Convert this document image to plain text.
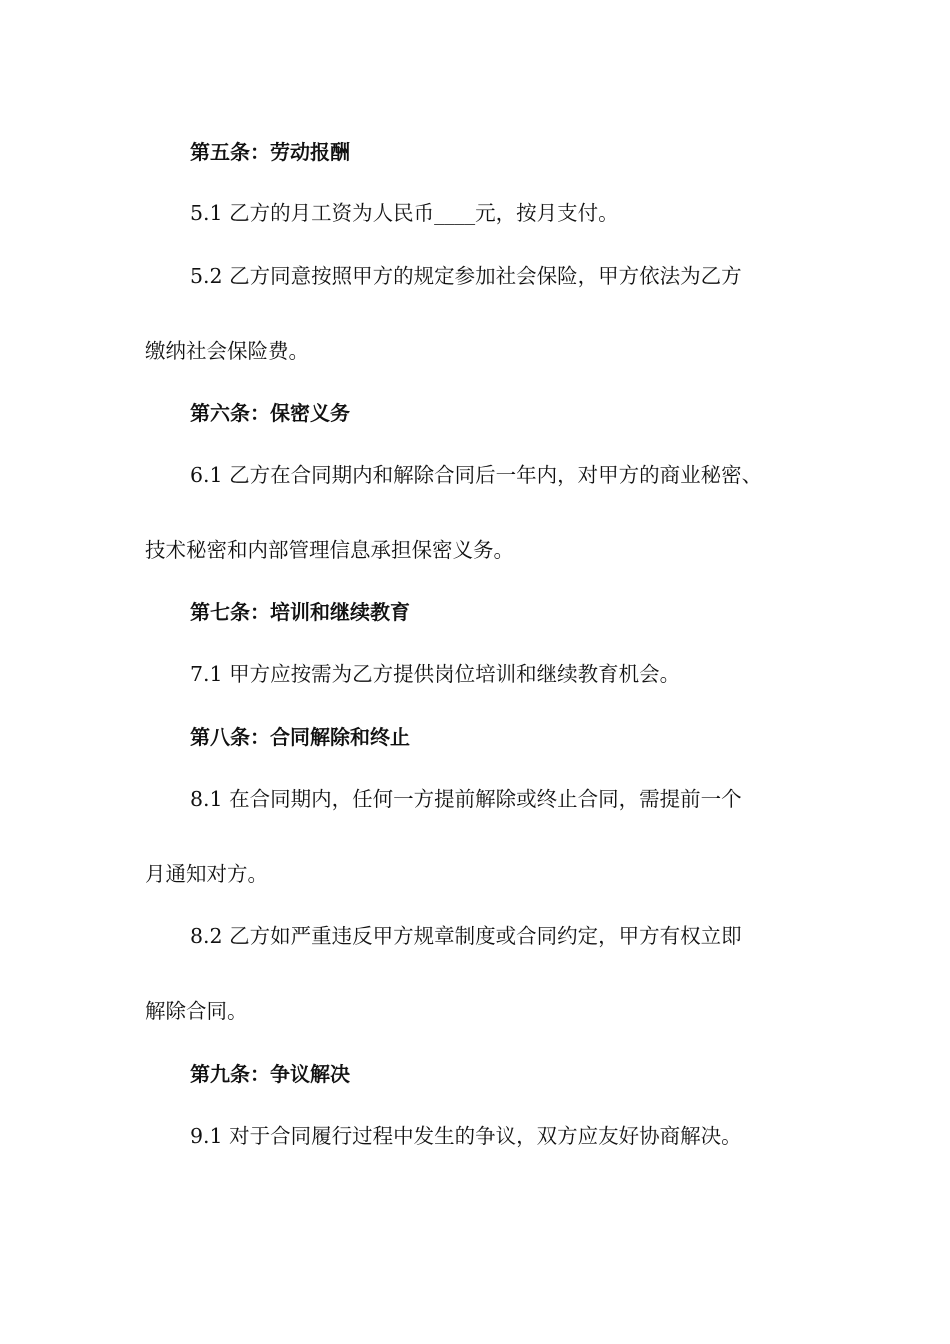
第五条：劳动报酬

5.1 乙方的月工资为人民币____元，按月支付。

5.2 乙方同意按照甲方的规定参加社会保险，甲方依法为乙方

缴纳社会保险费。

第六条：保密义务

6.1 乙方在合同期内和解除合同后一年内，对甲方的商业秘密、

技术秘密和内部管理信息承担保密义务。

第七条：培训和继续教育

7.1 甲方应按需为乙方提供岗位培训和继续教育机会。

第八条：合同解除和终止

8.1 在合同期内，任何一方提前解除或终止合同，需提前一个

月通知对方。

8.2 乙方如严重违反甲方规章制度或合同约定，甲方有权立即

解除合同。

第九条：争议解决

9.1 对于合同履行过程中发生的争议，双方应友好协商解决。
